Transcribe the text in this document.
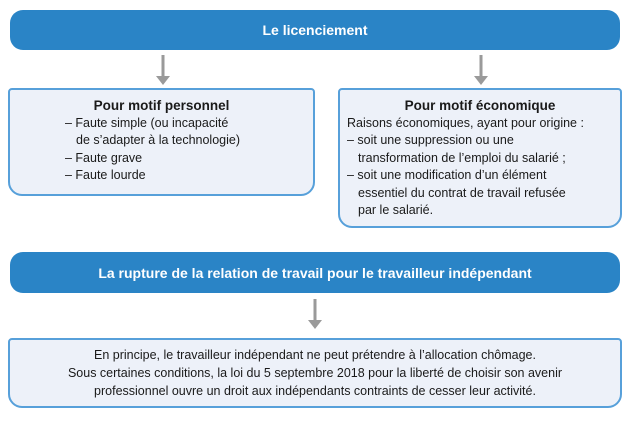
Le licenciement
Pour motif personnel
– Faute simple (ou incapacité
de s’adapter à la technologie)
– Faute grave
– Faute lourde
Pour motif économique
Raisons économiques, ayant pour origine :
– soit une suppression ou une
transformation de l’emploi du salarié ;
– soit une modification d’un élément
essentiel du contrat de travail refusée
par le salarié.
La rupture de la relation de travail pour le travailleur indépendant
En principe, le travailleur indépendant ne peut prétendre à l’allocation chômage.
Sous certaines conditions, la loi du 5 septembre 2018 pour la liberté de choisir son avenir
professionnel ouvre un droit aux indépendants contraints de cesser leur activité.
